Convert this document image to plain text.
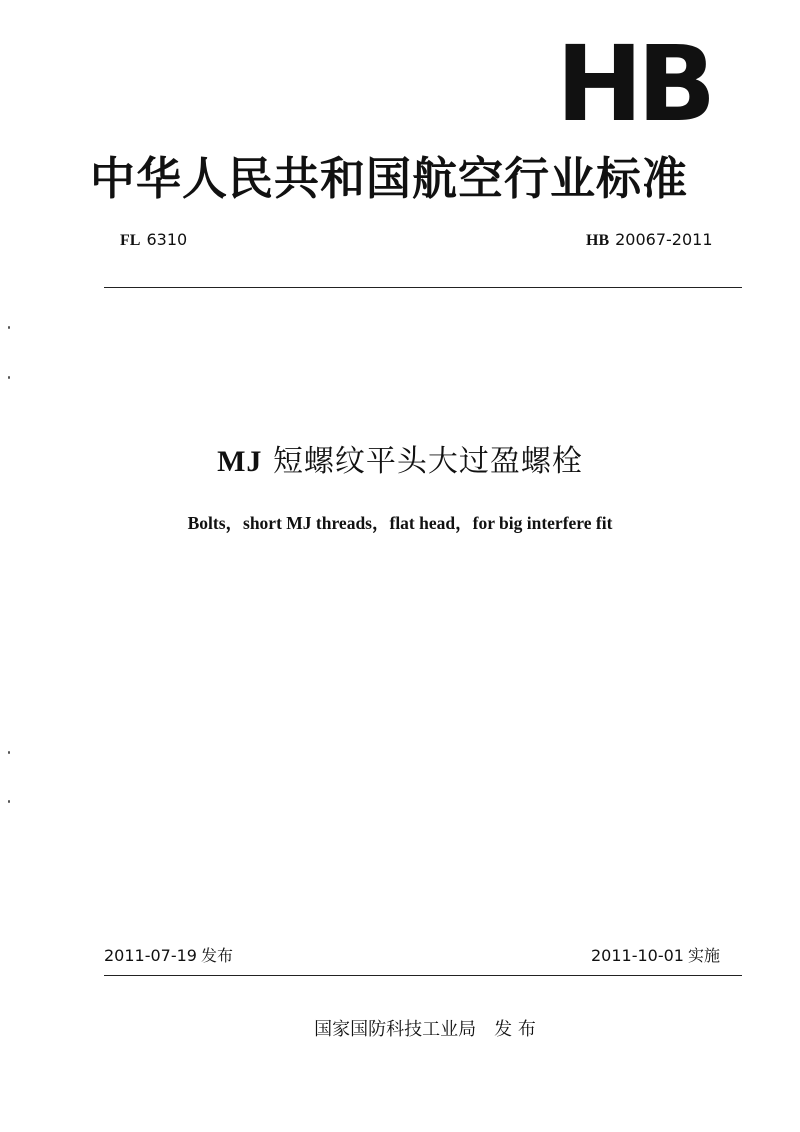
HB
中华人民共和国航空行业标准
FL 6310	HB 20067-2011
MJ 短螺纹平头大过盈螺栓
Bolts，short MJ threads，flat head，for big interfere fit
2011-07-19 发布	2011-10-01 实施
国家国防科技工业局 发 布
